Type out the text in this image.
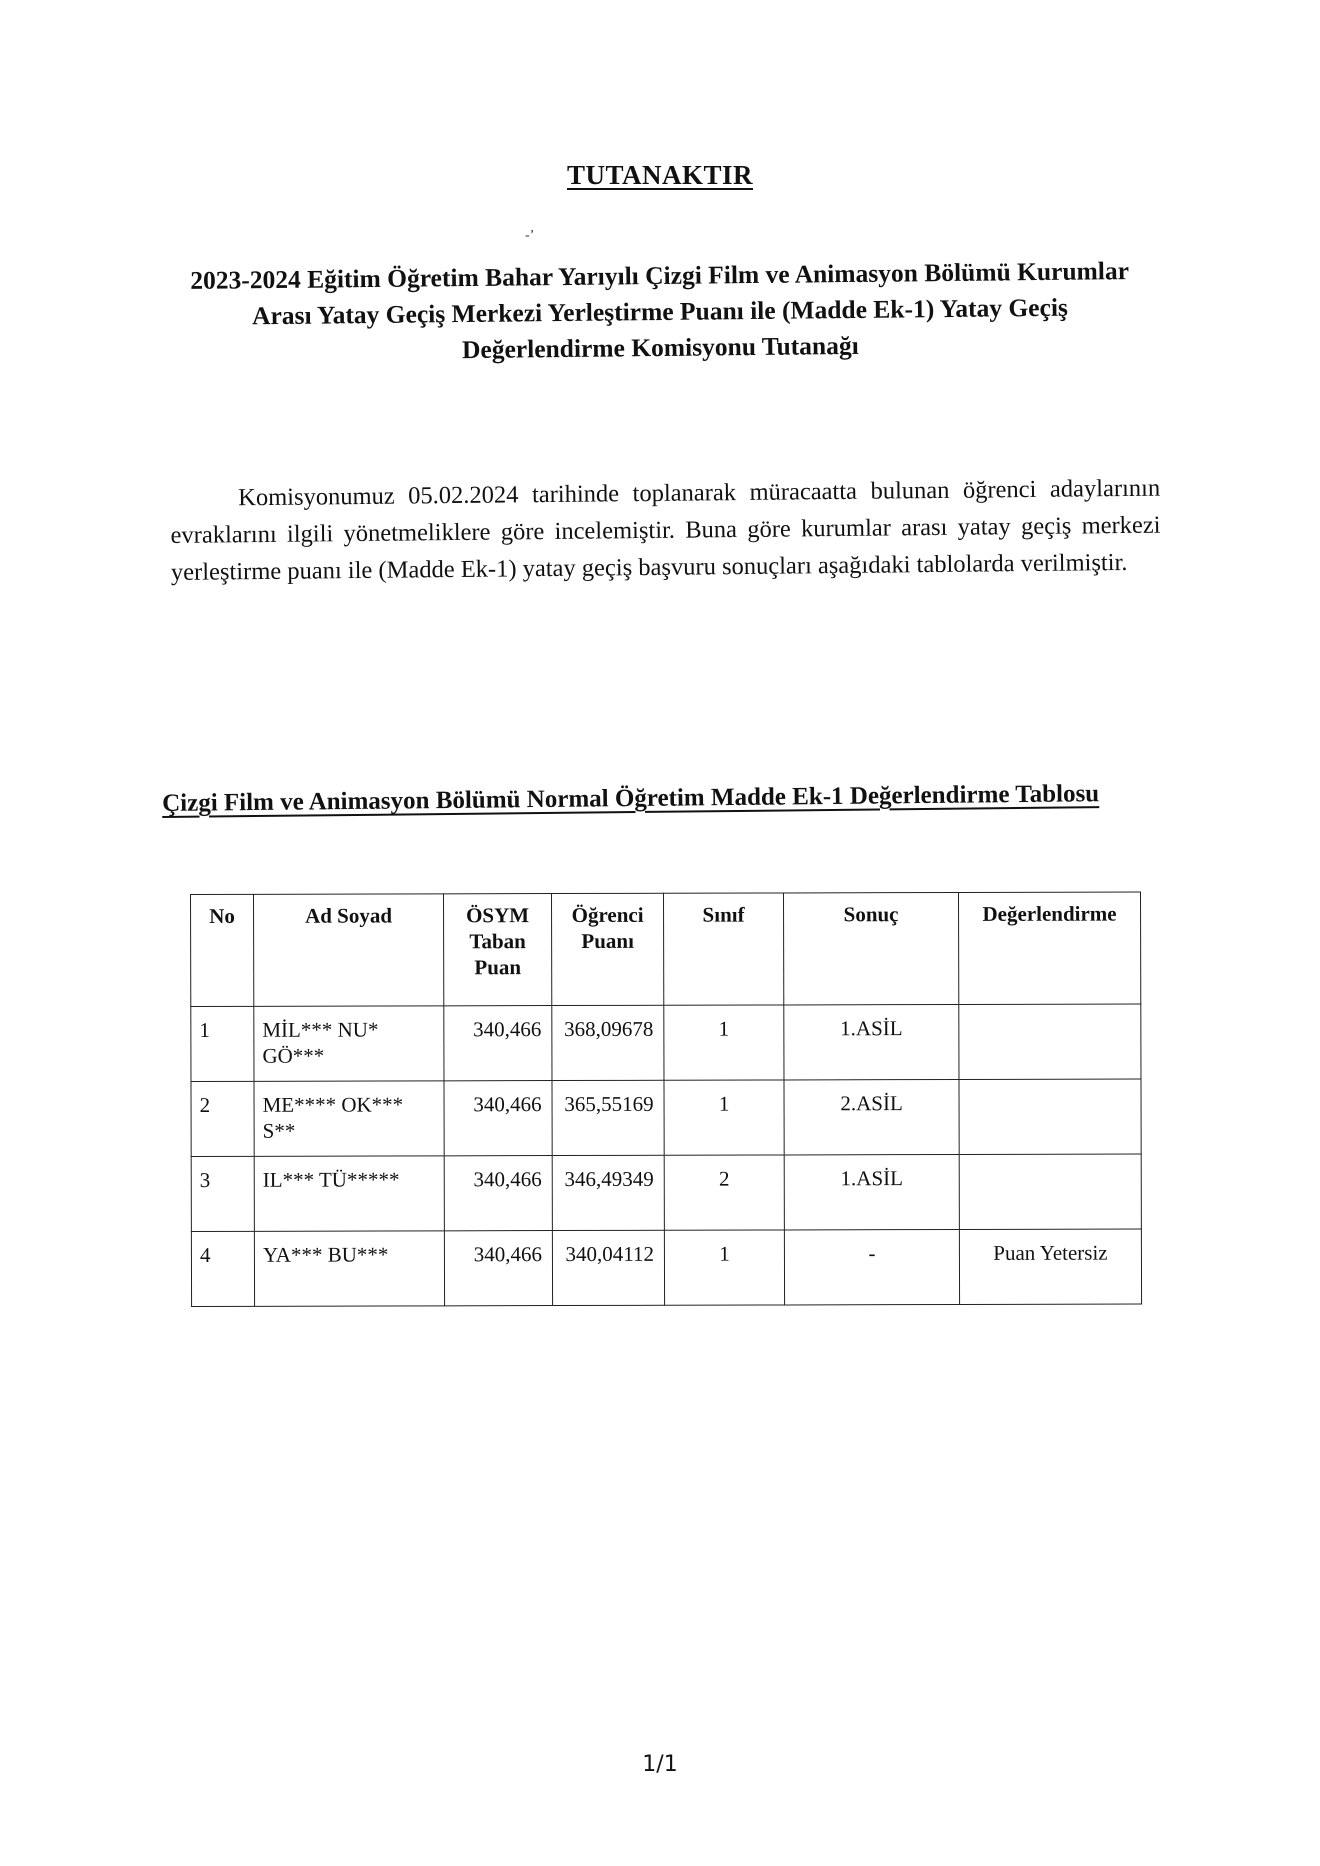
TUTANAKTIR
-ʼ
2023-2024 Eğitim Öğretim Bahar Yarıyılı Çizgi Film ve Animasyon Bölümü Kurumlar
Arası Yatay Geçiş Merkezi Yerleştirme Puanı ile (Madde Ek-1) Yatay Geçiş
Değerlendirme Komisyonu Tutanağı
Komisyonumuz 05.02.2024 tarihinde toplanarak müracaatta bulunan öğrenci adaylarının evraklarını ilgili yönetmeliklere göre incelemiştir. Buna göre kurumlar arası yatay geçiş merkezi yerleştirme puanı ile (Madde Ek-1) yatay geçiş başvuru sonuçları aşağıdaki tablolarda verilmiştir.
Çizgi Film ve Animasyon Bölümü Normal Öğretim Madde Ek-1 Değerlendirme Tablosu
No	Ad Soyad	ÖSYM Taban Puan	Öğrenci Puanı	Sınıf	Sonuç	Değerlendirme
1	MİL*** NU* GÖ***	340,466	368,09678	1	1.ASİL	
2	ME**** OK*** S**	340,466	365,55169	1	2.ASİL	
3	IL*** TÜ*****	340,466	346,49349	2	1.ASİL	
4	YA*** BU***	340,466	340,04112	1	-	Puan Yetersiz
1/1
